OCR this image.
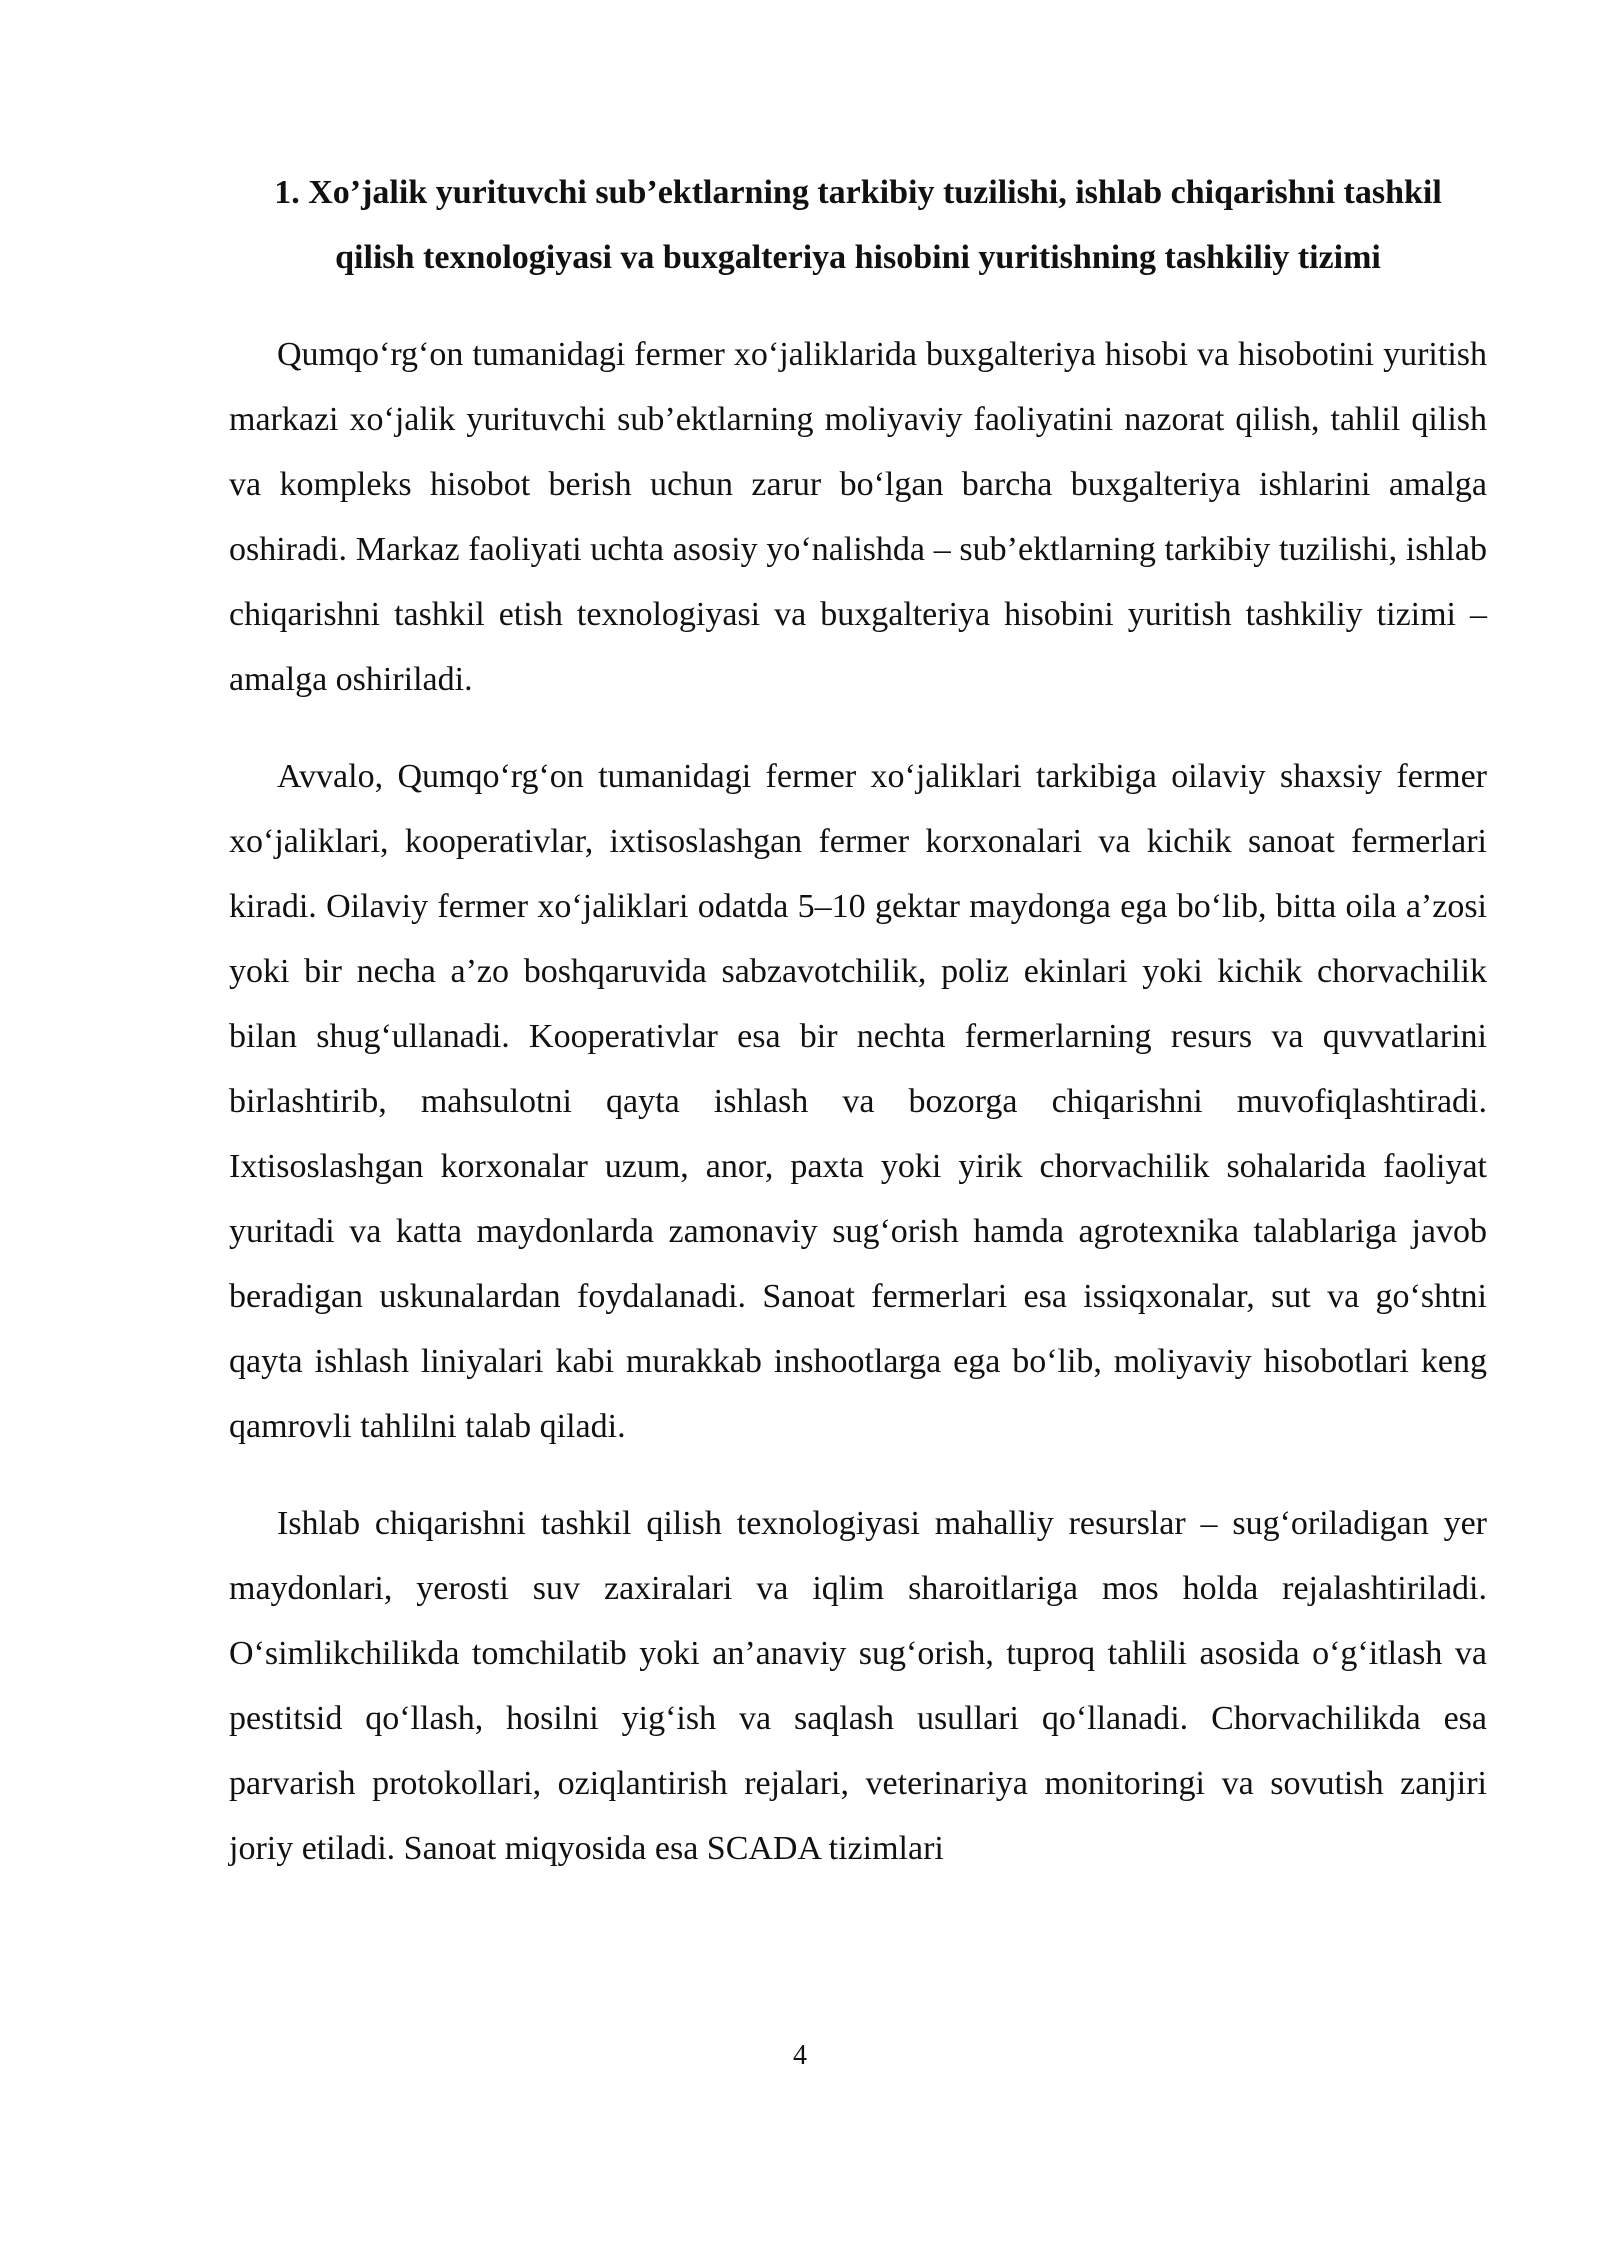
1. Xo’jalik yurituvchi sub’ektlarning tarkibiy tuzilishi, ishlab chiqarishni tashkil qilish texnologiyasi va buxgalteriya hisobini yuritishning tashkiliy tizimi

Qumqo‘rg‘on tumanidagi fermer xo‘jaliklarida buxgalteriya hisobi va hisobotini yuritish markazi xo‘jalik yurituvchi sub’ektlarning moliyaviy faoliyatini nazorat qilish, tahlil qilish va kompleks hisobot berish uchun zarur bo‘lgan barcha buxgalteriya ishlarini amalga oshiradi. Markaz faoliyati uchta asosiy yo‘nalishda – sub’ektlarning tarkibiy tuzilishi, ishlab chiqarishni tashkil etish texnologiyasi va buxgalteriya hisobini yuritish tashkiliy tizimi – amalga oshiriladi.

Avvalo, Qumqo‘rg‘on tumanidagi fermer xo‘jaliklari tarkibiga oilaviy shaxsiy fermer xo‘jaliklari, kooperativlar, ixtisoslashgan fermer korxonalari va kichik sanoat fermerlari kiradi. Oilaviy fermer xo‘jaliklari odatda 5–10 gektar maydonga ega bo‘lib, bitta oila a’zosi yoki bir necha a’zo boshqaruvida sabzavotchilik, poliz ekinlari yoki kichik chorvachilik bilan shug‘ullanadi. Kooperativlar esa bir nechta fermerlarning resurs va quvvatlarini birlashtirib, mahsulotni qayta ishlash va bozorga chiqarishni muvofiqlashtiradi. Ixtisoslashgan korxonalar uzum, anor, paxta yoki yirik chorvachilik sohalarida faoliyat yuritadi va katta maydonlarda zamonaviy sug‘orish hamda agrotexnika talablariga javob beradigan uskunalardan foydalanadi. Sanoat fermerlari esa issiqxonalar, sut va go‘shtni qayta ishlash liniyalari kabi murakkab inshootlarga ega bo‘lib, moliyaviy hisobotlari keng qamrovli tahlilni talab qiladi.

Ishlab chiqarishni tashkil qilish texnologiyasi mahalliy resurslar – sug‘oriladigan yer maydonlari, yerosti suv zaxiralari va iqlim sharoitlariga mos holda rejalashtiriladi. O‘simlikchilikda tomchilatib yoki an’anaviy sug‘orish, tuproq tahlili asosida o‘g‘itlash va pestitsid qo‘llash, hosilni yig‘ish va saqlash usullari qo‘llanadi. Chorvachilikda esa parvarish protokollari, oziqlantirish rejalari, veterinariya monitoringi va sovutish zanjiri joriy etiladi. Sanoat miqyosida esa SCADA tizimlari

4
